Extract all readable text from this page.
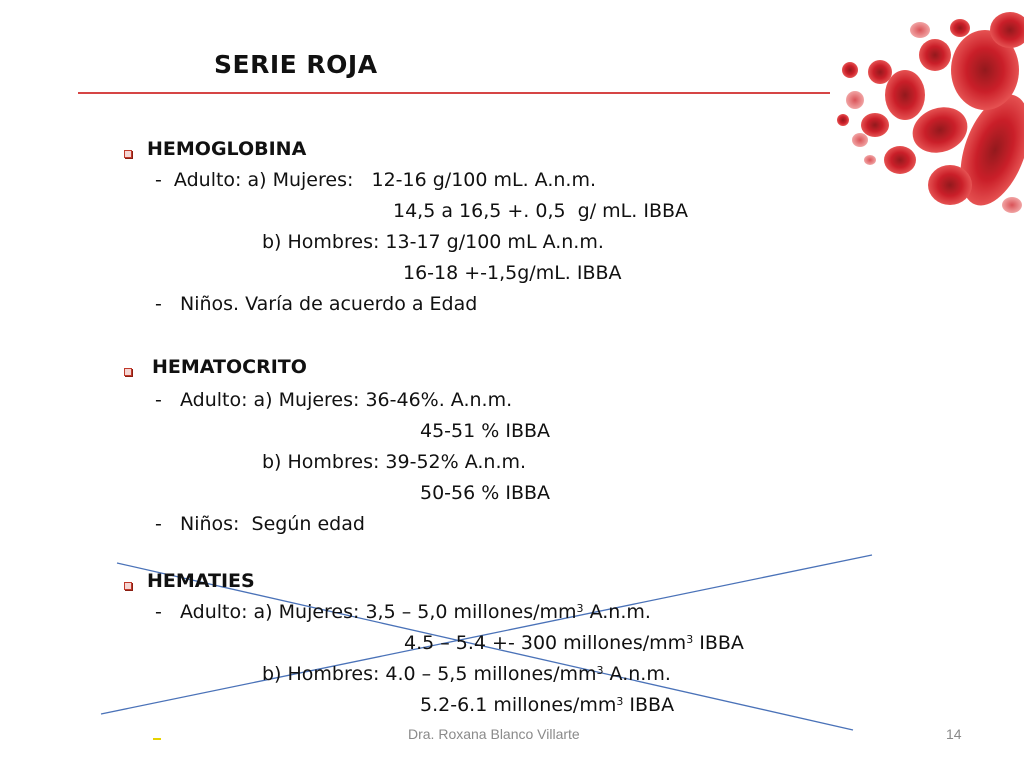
SERIE ROJA
HEMOGLOBINA
-  Adulto: a) Mujeres:   12-16 g/100 mL. A.n.m.
14,5 a 16,5 +. 0,5  g/ mL. IBBA
b) Hombres: 13-17 g/100 mL A.n.m.
16-18 +-1,5g/mL. IBBA
-   Niños. Varía de acuerdo a Edad
HEMATOCRITO
-   Adulto: a) Mujeres: 36-46%. A.n.m.
45-51 % IBBA
b) Hombres: 39-52% A.n.m.
50-56 % IBBA
-   Niños:  Según edad
HEMATIES
-   Adulto: a) Mujeres: 3,5 – 5,0 millones/$mm^3$ A.n.m.
4.5 – 5.4 +- 300 millones/$mm^3$ IBBA
b) Hombres: 4.0 – 5,5 millones/$mm^3$ A.n.m.
5.2-6.1 millones/$mm^3$ IBBA
Dra. Roxana Blanco Villarte	14
